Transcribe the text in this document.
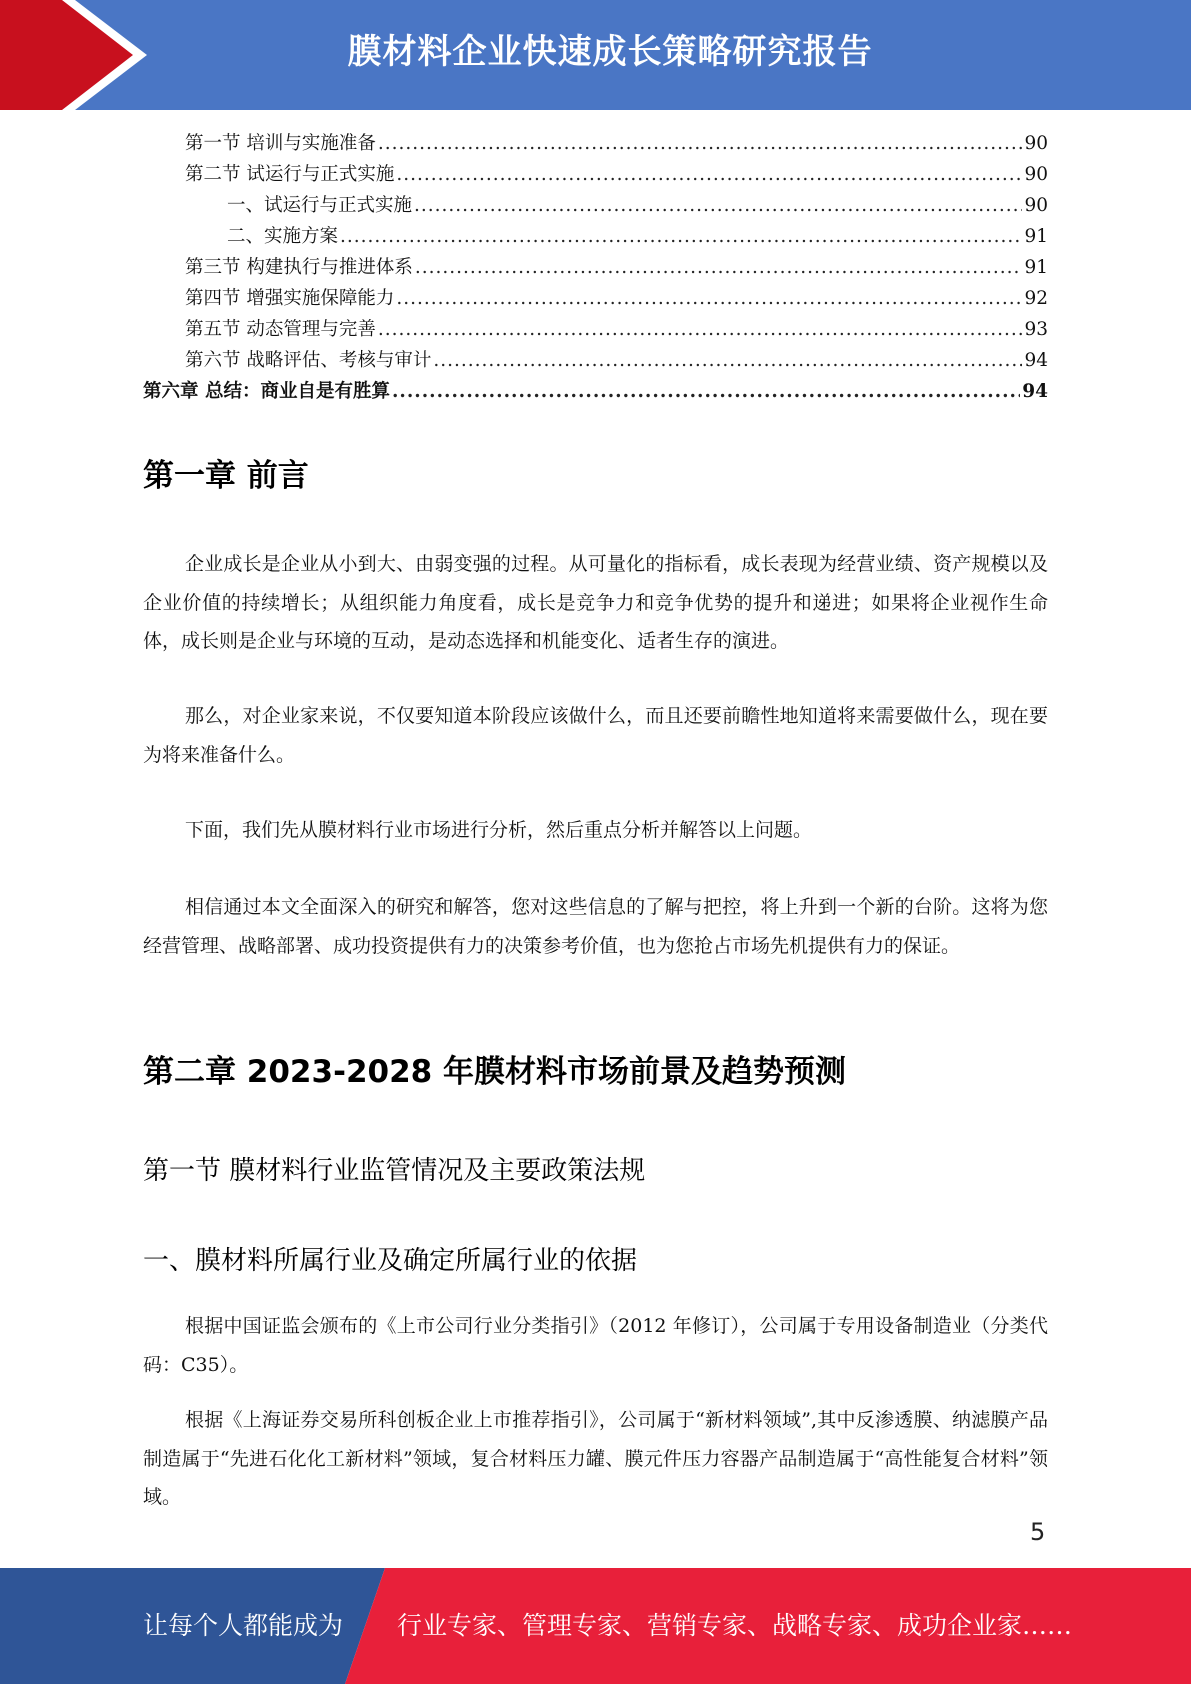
膜材料企业快速成长策略研究报告
第一节 培训与实施准备 .....	90
第二节 试运行与正式实施 .....	90
一、试运行与正式实施 .....	90
二、实施方案 .....	91
第三节 构建执行与推进体系 .....	91
第四节 增强实施保障能力 .....	92
第五节 动态管理与完善 .....	93
第六节 战略评估、考核与审计 .....	94
第六章 总结：商业自是有胜算 .....	94
第一章 前言

企业成长是企业从小到大、由弱变强的过程。从可量化的指标看，成长表现为经营业绩、资产规模以及企业价值的持续增长；从组织能力角度看，成长是竞争力和竞争优势的提升和递进；如果将企业视作生命体，成长则是企业与环境的互动，是动态选择和机能变化、适者生存的演进。

那么，对企业家来说，不仅要知道本阶段应该做什么，而且还要前瞻性地知道将来需要做什么，现在要为将来准备什么。

下面，我们先从膜材料行业市场进行分析，然后重点分析并解答以上问题。

相信通过本文全面深入的研究和解答，您对这些信息的了解与把控，将上升到一个新的台阶。这将为您经营管理、战略部署、成功投资提供有力的决策参考价值，也为您抢占市场先机提供有力的保证。

第二章 2023-2028 年膜材料市场前景及趋势预测
第一节 膜材料行业监管情况及主要政策法规
一、膜材料所属行业及确定所属行业的依据

根据中国证监会颁布的《上市公司行业分类指引》（2012 年修订），公司属于专用设备制造业（分类代码：C35）。

根据《上海证券交易所科创板企业上市推荐指引》，公司属于“新材料领域”,其中反渗透膜、纳滤膜产品制造属于“先进石化化工新材料”领域，复合材料压力罐、膜元件压力容器产品制造属于“高性能复合材料”领域。

5
让每个人都能成为 行业专家、管理专家、营销专家、战略专家、成功企业家……
